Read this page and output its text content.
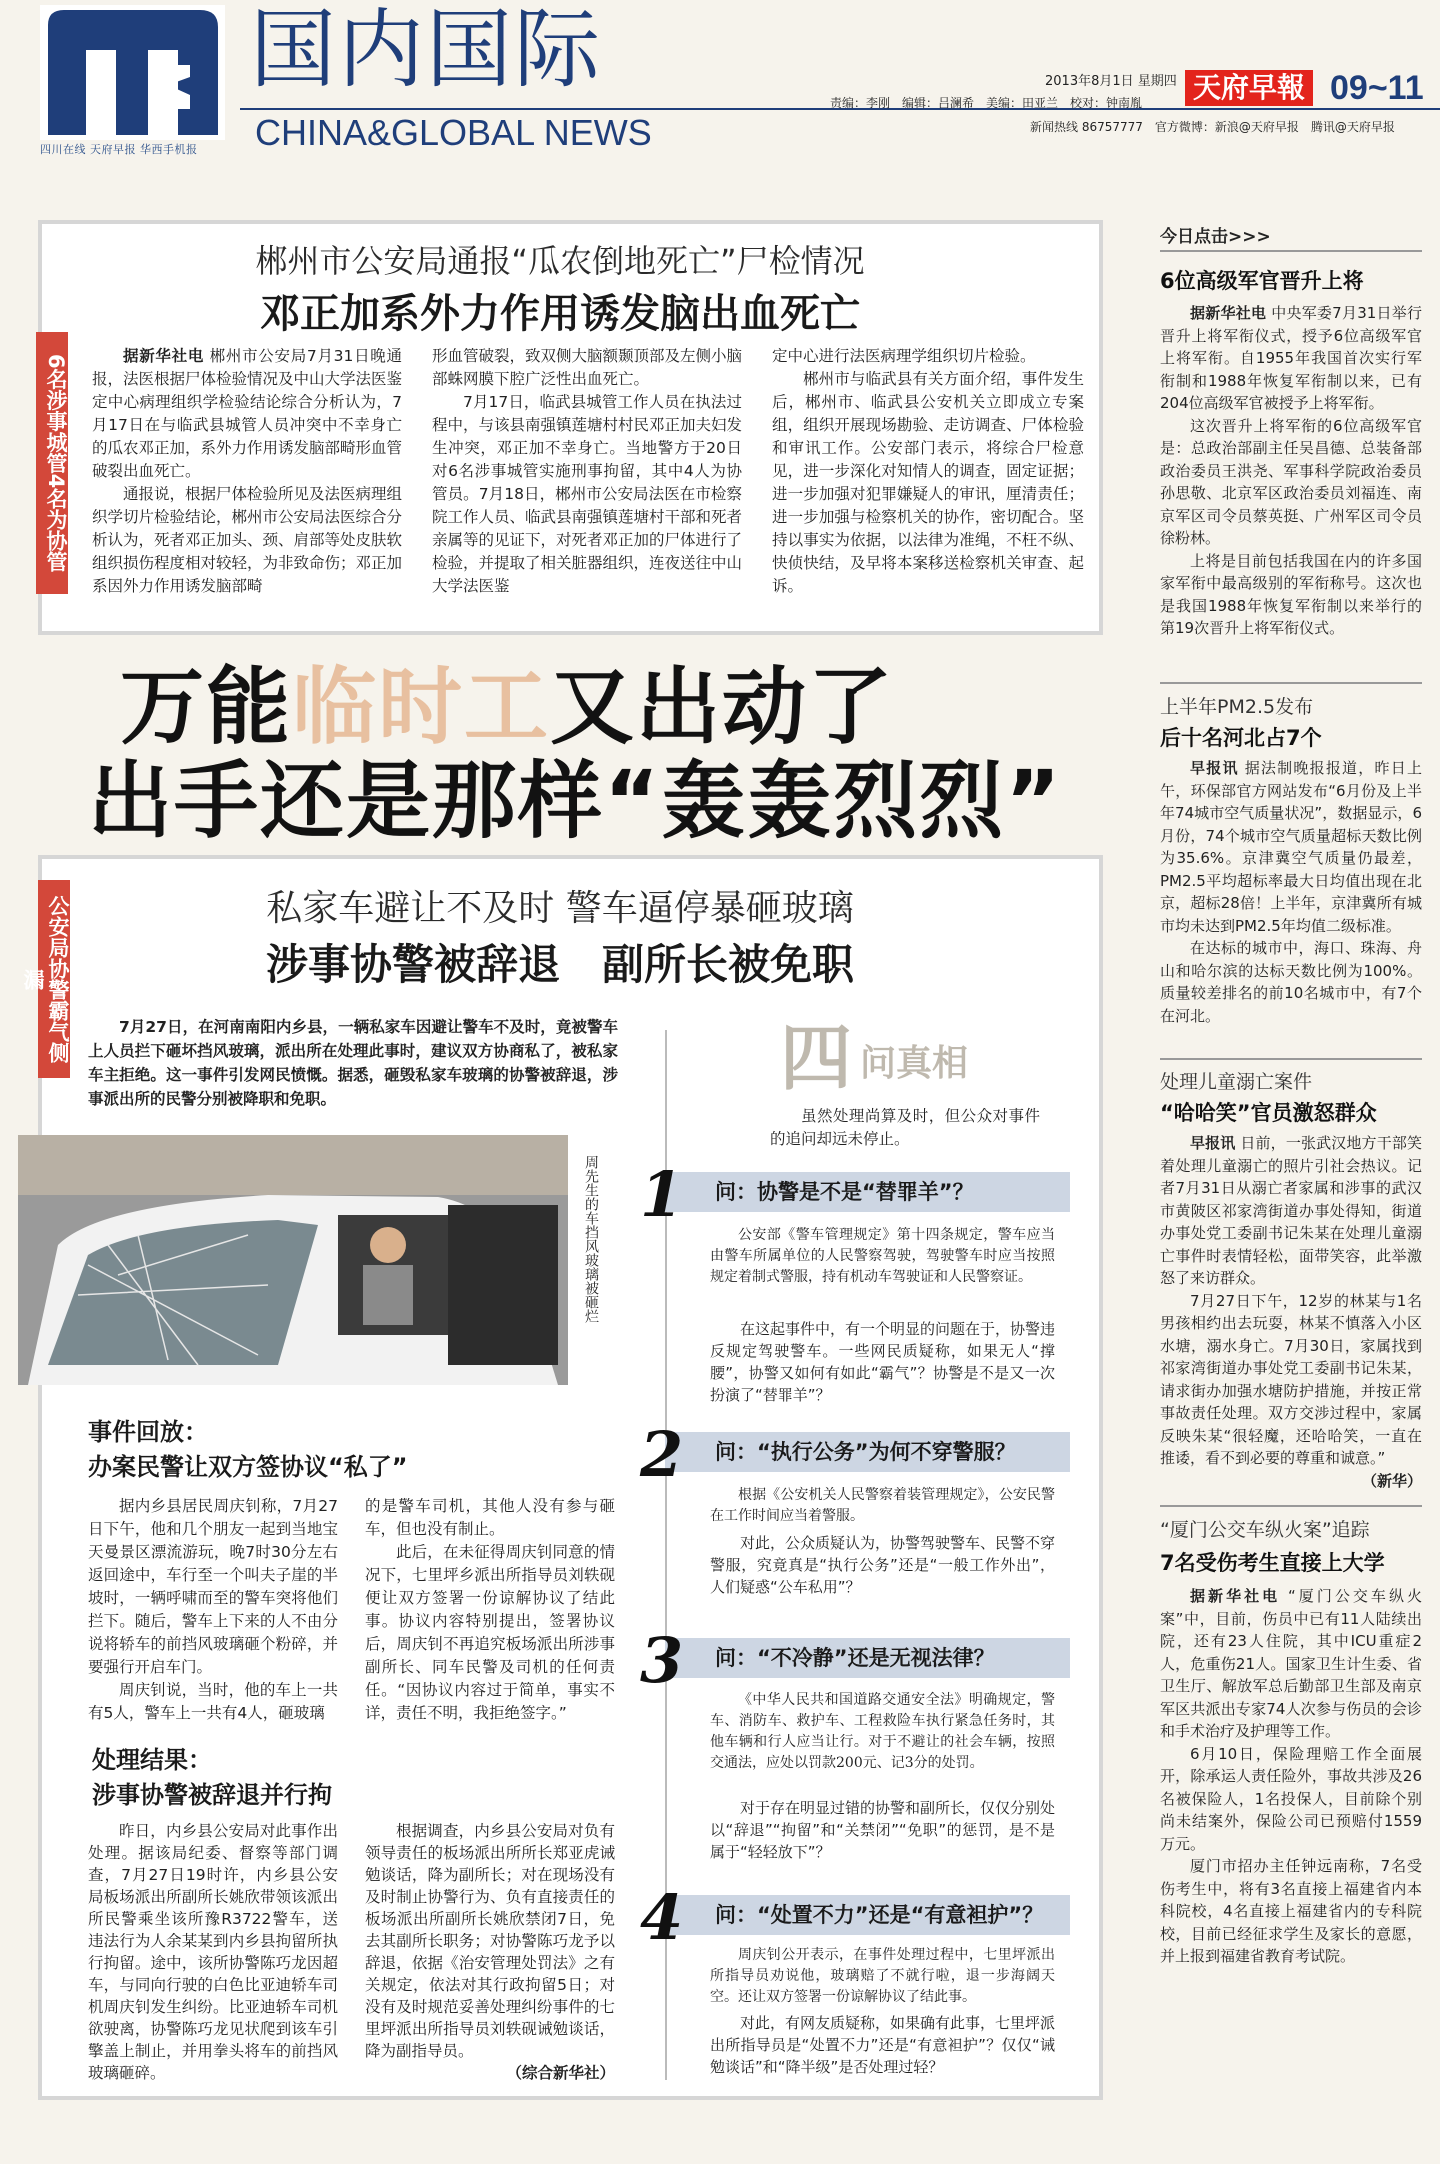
四川在线 天府早报 华西手机报
国内国际
CHINA&GLOBAL NEWS
2013年8月1日 星期四 天府早報 09~11
责编：李刚　编辑：吕澜希　美编：田亚兰　校对：钟南胤
新闻热线 86757777　官方微博：新浪@天府早报　腾讯@天府早报
6名涉事城管4名为协管
郴州市公安局通报“瓜农倒地死亡”尸检情况
邓正加系外力作用诱发脑出血死亡

据新华社电 郴州市公安局7月31日晚通报，法医根据尸体检验情况及中山大学法医鉴定中心病理组织学检验结论综合分析认为，7月17日在与临武县城管人员冲突中不幸身亡的瓜农邓正加，系外力作用诱发脑部畸形血管破裂出血死亡。

通报说，根据尸体检验所见及法医病理组织学切片检验结论，郴州市公安局法医综合分析认为，死者邓正加头、颈、肩部等处皮肤软组织损伤程度相对较轻，为非致命伤；邓正加系因外力作用诱发脑部畸

形血管破裂，致双侧大脑额颞顶部及左侧小脑部蛛网膜下腔广泛性出血死亡。

7月17日，临武县城管工作人员在执法过程中，与该县南强镇莲塘村村民邓正加夫妇发生冲突，邓正加不幸身亡。当地警方于20日对6名涉事城管实施刑事拘留，其中4人为协管员。7月18日，郴州市公安局法医在市检察院工作人员、临武县南强镇莲塘村干部和死者亲属等的见证下，对死者邓正加的尸体进行了检验，并提取了相关脏器组织，连夜送往中山大学法医鉴

定中心进行法医病理学组织切片检验。

郴州市与临武县有关方面介绍，事件发生后，郴州市、临武县公安机关立即成立专案组，组织开展现场勘验、走访调查、尸体检验和审讯工作。公安部门表示，将综合尸检意见，进一步深化对知情人的调查，固定证据；进一步加强对犯罪嫌疑人的审讯，厘清责任；进一步加强与检察机关的协作，密切配合。坚持以事实为依据，以法律为准绳，不枉不纵、快侦快结，及早将本案移送检察机关审查、起诉。

万能临时工又出动了
出手还是那样“轰轰烈烈”
公安局协警霸气侧漏
私家车避让不及时 警车逼停暴砸玻璃
涉事协警被辞退　副所长被免职
7月27日，在河南南阳内乡县，一辆私家车因避让警车不及时，竟被警车上人员拦下砸坏挡风玻璃，派出所在处理此事时，建议双方协商私了，被私家车主拒绝。这一事件引发网民愤慨。据悉，砸毁私家车玻璃的协警被辞退，涉事派出所的民警分别被降职和免职。
周先生的车挡风玻璃被砸烂
事件回放：
办案民警让双方签协议“私了”

据内乡县居民周庆钊称，7月27日下午，他和几个朋友一起到当地宝天曼景区漂流游玩，晚7时30分左右返回途中，车行至一个叫夫子崖的半坡时，一辆呼啸而至的警车突将他们拦下。随后，警车上下来的人不由分说将轿车的前挡风玻璃砸个粉碎，并要强行开启车门。

周庆钊说，当时，他的车上一共有5人，警车上一共有4人，砸玻璃

的是警车司机，其他人没有参与砸车，但也没有制止。

此后，在未征得周庆钊同意的情况下，七里坪乡派出所指导员刘轶砚便让双方签署一份谅解协议了结此事。协议内容特别提出，签署协议后，周庆钊不再追究板场派出所涉事副所长、同车民警及司机的任何责任。“因协议内容过于简单，事实不详，责任不明，我拒绝签字。”

处理结果：
涉事协警被辞退并行拘

昨日，内乡县公安局对此事作出处理。据该局纪委、督察等部门调查，7月27日19时许，内乡县公安局板场派出所副所长姚欣带领该派出所民警乘坐该所豫R3722警车，送违法行为人余某某到内乡县拘留所执行拘留。途中，该所协警陈巧龙因超车，与同向行驶的白色比亚迪轿车司机周庆钊发生纠纷。比亚迪轿车司机欲驶离，协警陈巧龙见状爬到该车引擎盖上制止，并用拳头将车的前挡风玻璃砸碎。

根据调查，内乡县公安局对负有领导责任的板场派出所所长郑亚虎诫勉谈话，降为副所长；对在现场没有及时制止协警行为、负有直接责任的板场派出所副所长姚欣禁闭7日，免去其副所长职务；对协警陈巧龙予以辞退，依据《治安管理处罚法》之有关规定，依法对其行政拘留5日；对没有及时规范妥善处理纠纷事件的七里坪派出所指导员刘轶砚诫勉谈话，降为副指导员。

（综合新华社）

四 问真相
虽然处理尚算及时，但公众对事件的追问却远未停止。
问：协警是不是“替罪羊”？
1
公安部《警车管理规定》第十四条规定，警车应当由警车所属单位的人民警察驾驶，驾驶警车时应当按照规定着制式警服，持有机动车驾驶证和人民警察证。
在这起事件中，有一个明显的问题在于，协警违反规定驾驶警车。一些网民质疑称，如果无人“撑腰”，协警又如何有如此“霸气”？协警是不是又一次扮演了“替罪羊”？
问：“执行公务”为何不穿警服？
2
根据《公安机关人民警察着装管理规定》，公安民警在工作时间应当着警服。
对此，公众质疑认为，协警驾驶警车、民警不穿警服，究竟真是“执行公务”还是“一般工作外出”，人们疑惑“公车私用”？
问：“不冷静”还是无视法律？
3
《中华人民共和国道路交通安全法》明确规定，警车、消防车、救护车、工程救险车执行紧急任务时，其他车辆和行人应当让行。对于不避让的社会车辆，按照交通法，应处以罚款200元、记3分的处罚。
对于存在明显过错的协警和副所长，仅仅分别处以“辞退”“拘留”和“关禁闭”“免职”的惩罚，是不是属于“轻轻放下”？
问：“处置不力”还是“有意袒护”？
4
周庆钊公开表示，在事件处理过程中，七里坪派出所指导员劝说他，玻璃赔了不就行啦，退一步海阔天空。还让双方签署一份谅解协议了结此事。
对此，有网友质疑称，如果确有此事，七里坪派出所指导员是“处置不力”还是“有意袒护”？仅仅“诫勉谈话”和“降半级”是否处理过轻？
今日点击>>>
6位高级军官晋升上将

据新华社电 中央军委7月31日举行晋升上将军衔仪式，授予6位高级军官上将军衔。自1955年我国首次实行军衔制和1988年恢复军衔制以来，已有204位高级军官被授予上将军衔。

这次晋升上将军衔的6位高级军官是：总政治部副主任吴昌德、总装备部政治委员王洪尧、军事科学院政治委员孙思敬、北京军区政治委员刘福连、南京军区司令员蔡英挺、广州军区司令员徐粉林。

上将是目前包括我国在内的许多国家军衔中最高级别的军衔称号。这次也是我国1988年恢复军衔制以来举行的第19次晋升上将军衔仪式。

上半年PM2.5发布
后十名河北占7个

早报讯 据法制晚报报道，昨日上午，环保部官方网站发布“6月份及上半年74城市空气质量状况”，数据显示，6月份，74个城市空气质量超标天数比例为35.6%。京津冀空气质量仍最差，PM2.5平均超标率最大日均值出现在北京，超标28倍！上半年，京津冀所有城市均未达到PM2.5年均值二级标准。

在达标的城市中，海口、珠海、舟山和哈尔滨的达标天数比例为100%。质量较差排名的前10名城市中，有7个在河北。

处理儿童溺亡案件
“哈哈笑”官员激怒群众

早报讯 日前，一张武汉地方干部笑着处理儿童溺亡的照片引社会热议。记者7月31日从溺亡者家属和涉事的武汉市黄陂区祁家湾街道办事处得知，街道办事处党工委副书记朱某在处理儿童溺亡事件时表情轻松，面带笑容，此举激怒了来访群众。

7月27日下午，12岁的林某与1名男孩相约出去玩耍，林某不慎落入小区水塘，溺水身亡。7月30日，家属找到祁家湾街道办事处党工委副书记朱某，请求街办加强水塘防护措施，并按正常事故责任处理。双方交涉过程中，家属反映朱某“很轻魔，还哈哈笑，一直在推诿，看不到必要的尊重和诚意。”

（新华）

“厦门公交车纵火案”追踪
7名受伤考生直接上大学

据新华社电 “厦门公交车纵火案”中，目前，伤员中已有11人陆续出院，还有23人住院，其中ICU重症2人，危重伤21人。国家卫生计生委、省卫生厅、解放军总后勤部卫生部及南京军区共派出专家74人次参与伤员的会诊和手术治疗及护理等工作。

6月10日，保险理赔工作全面展开，除承运人责任险外，事故共涉及26名被保险人，1名投保人，目前除个别尚未结案外，保险公司已预赔付1559万元。

厦门市招办主任钟远南称，7名受伤考生中，将有3名直接上福建省内本科院校，4名直接上福建省内的专科院校，目前已经征求学生及家长的意愿，并上报到福建省教育考试院。
